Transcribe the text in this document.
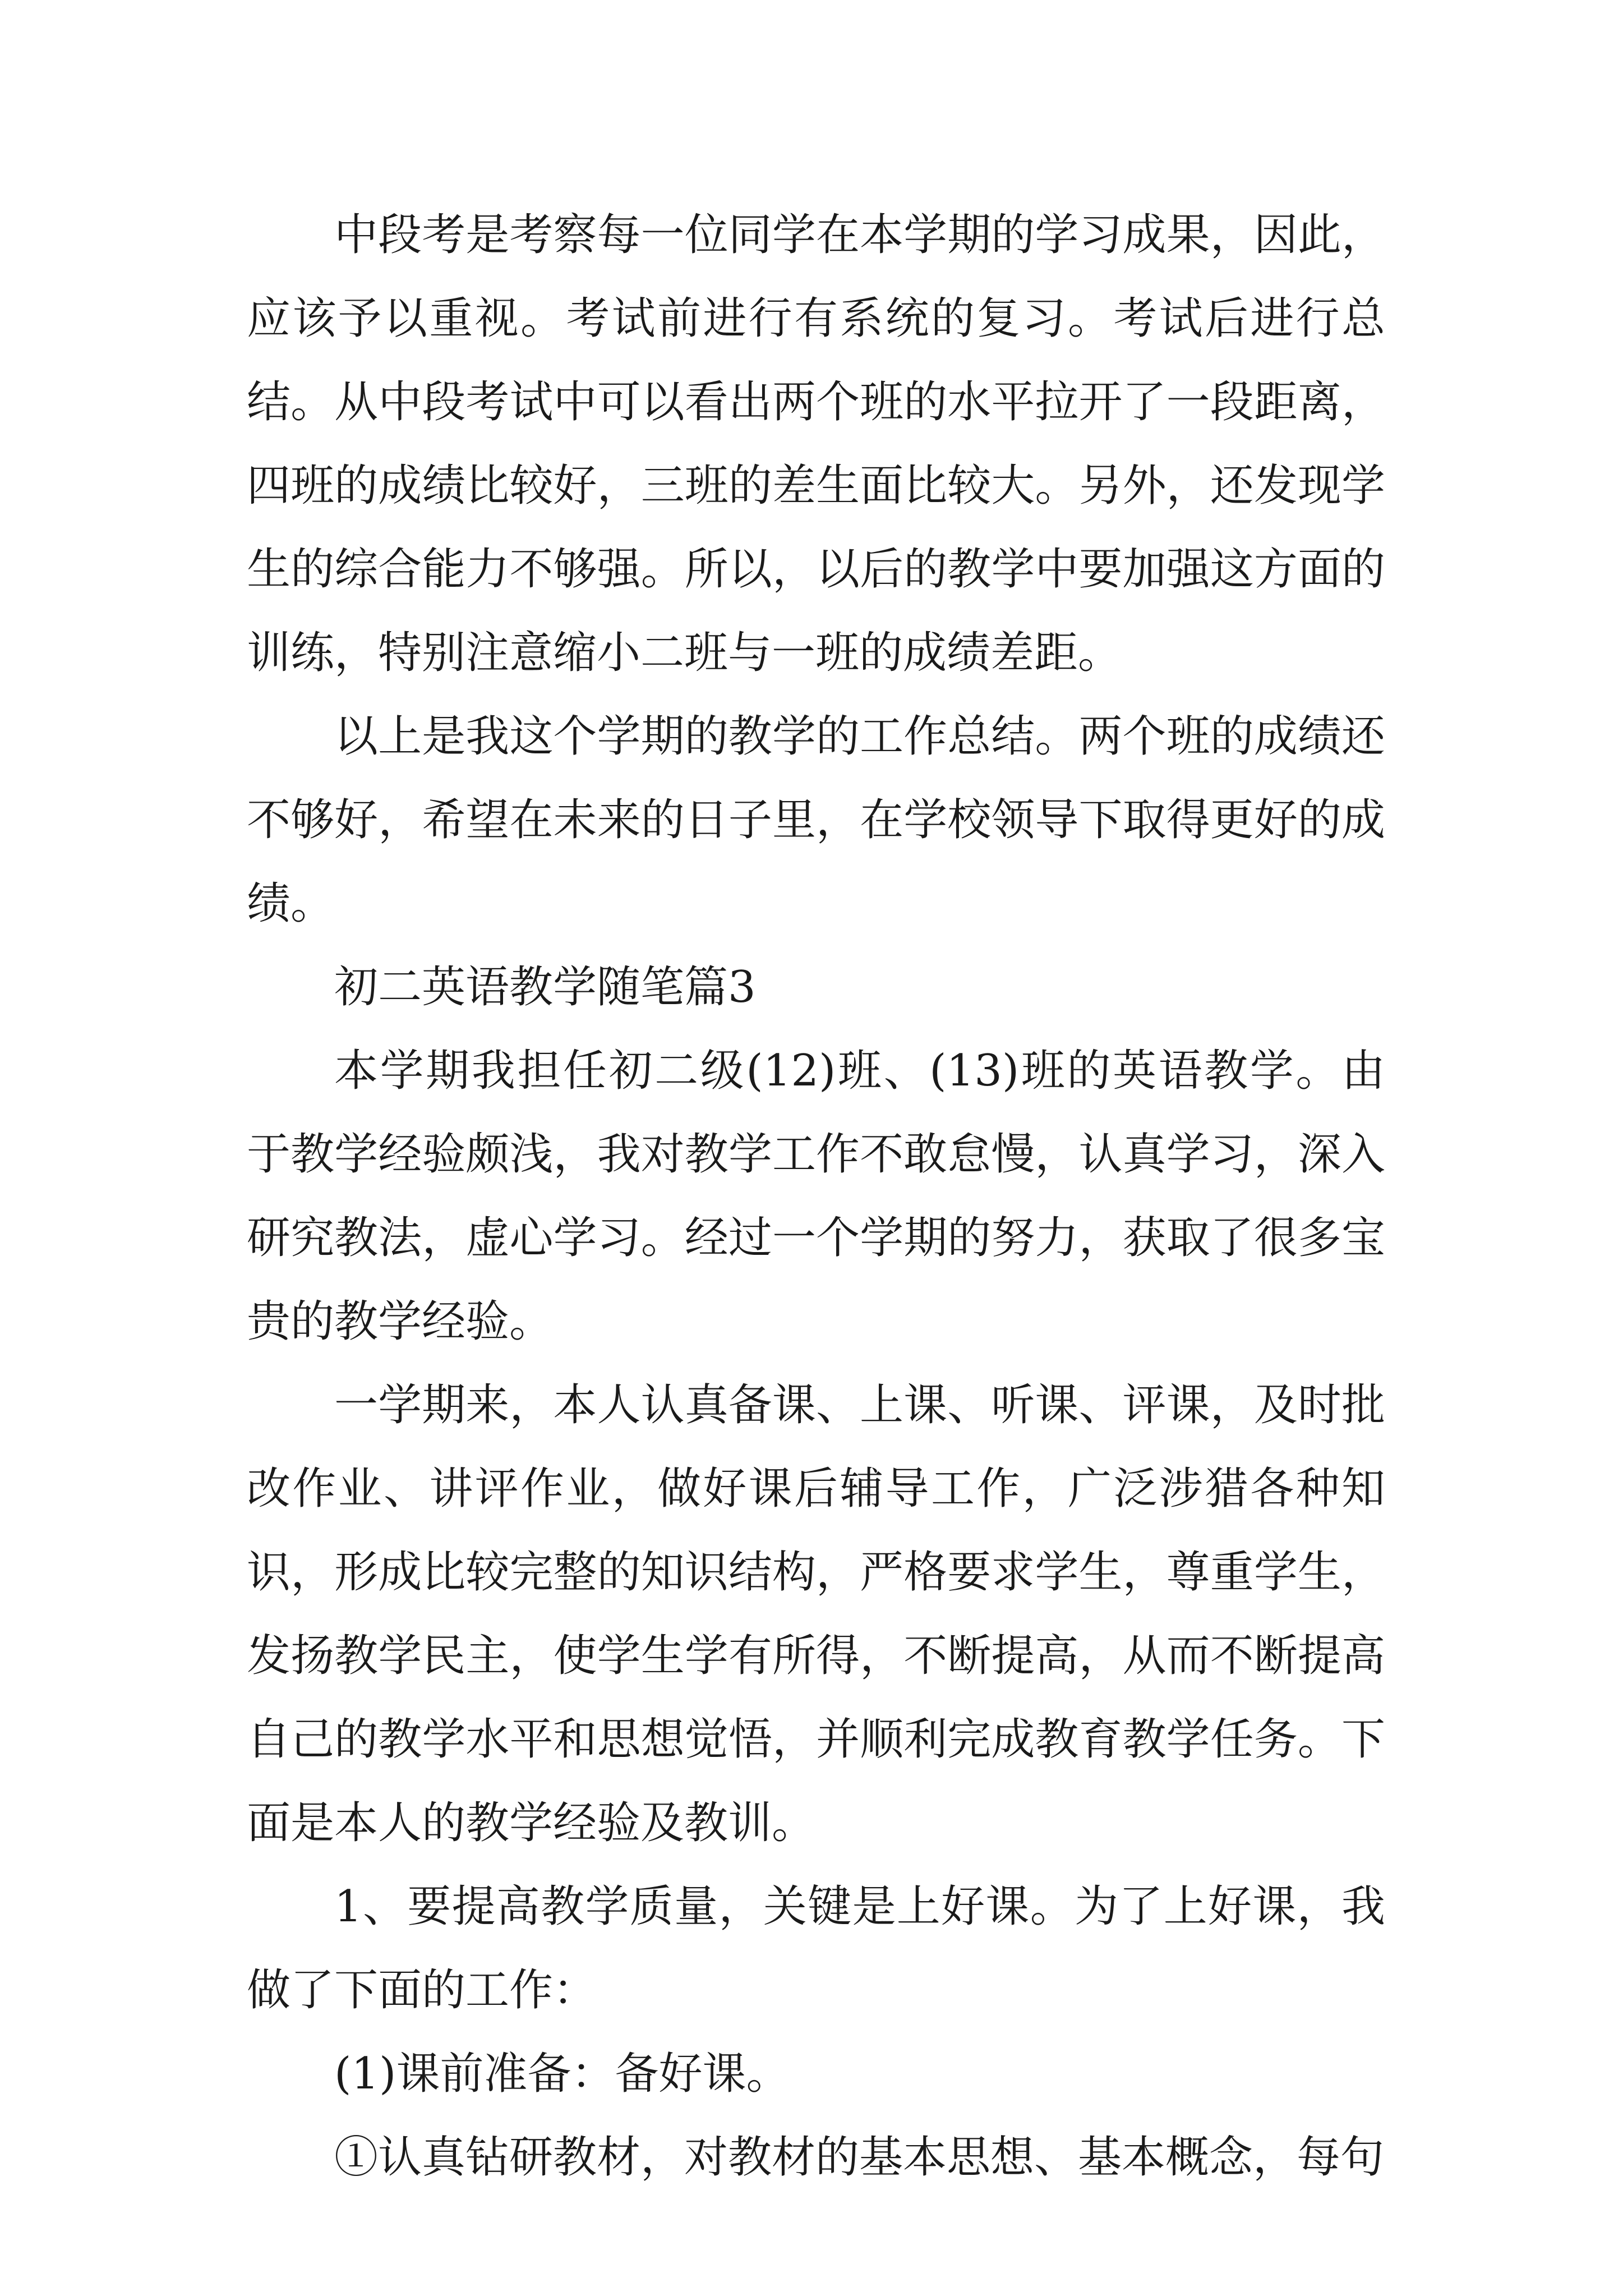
中段考是考察每一位同学在本学期的学习成果，因此，应该予以重视。考试前进行有系统的复习。考试后进行总结。从中段考试中可以看出两个班的水平拉开了一段距离，四班的成绩比较好，三班的差生面比较大。另外，还发现学生的综合能力不够强。所以，以后的教学中要加强这方面的训练，特别注意缩小二班与一班的成绩差距。

以上是我这个学期的教学的工作总结。两个班的成绩还不够好，希望在未来的日子里，在学校领导下取得更好的成绩。

初二英语教学随笔篇3

本学期我担任初二级(12)班、(13)班的英语教学。由于教学经验颇浅，我对教学工作不敢怠慢，认真学习，深入研究教法，虚心学习。经过一个学期的努力，获取了很多宝贵的教学经验。

一学期来，本人认真备课、上课、听课、评课，及时批改作业、讲评作业，做好课后辅导工作，广泛涉猎各种知识，形成比较完整的知识结构，严格要求学生，尊重学生，发扬教学民主，使学生学有所得，不断提高，从而不断提高自己的教学水平和思想觉悟，并顺利完成教育教学任务。下面是本人的教学经验及教训。

1、要提高教学质量，关键是上好课。为了上好课，我做了下面的工作：

(1)课前准备：备好课。

①认真钻研教材，对教材的基本思想、基本概念，每句
